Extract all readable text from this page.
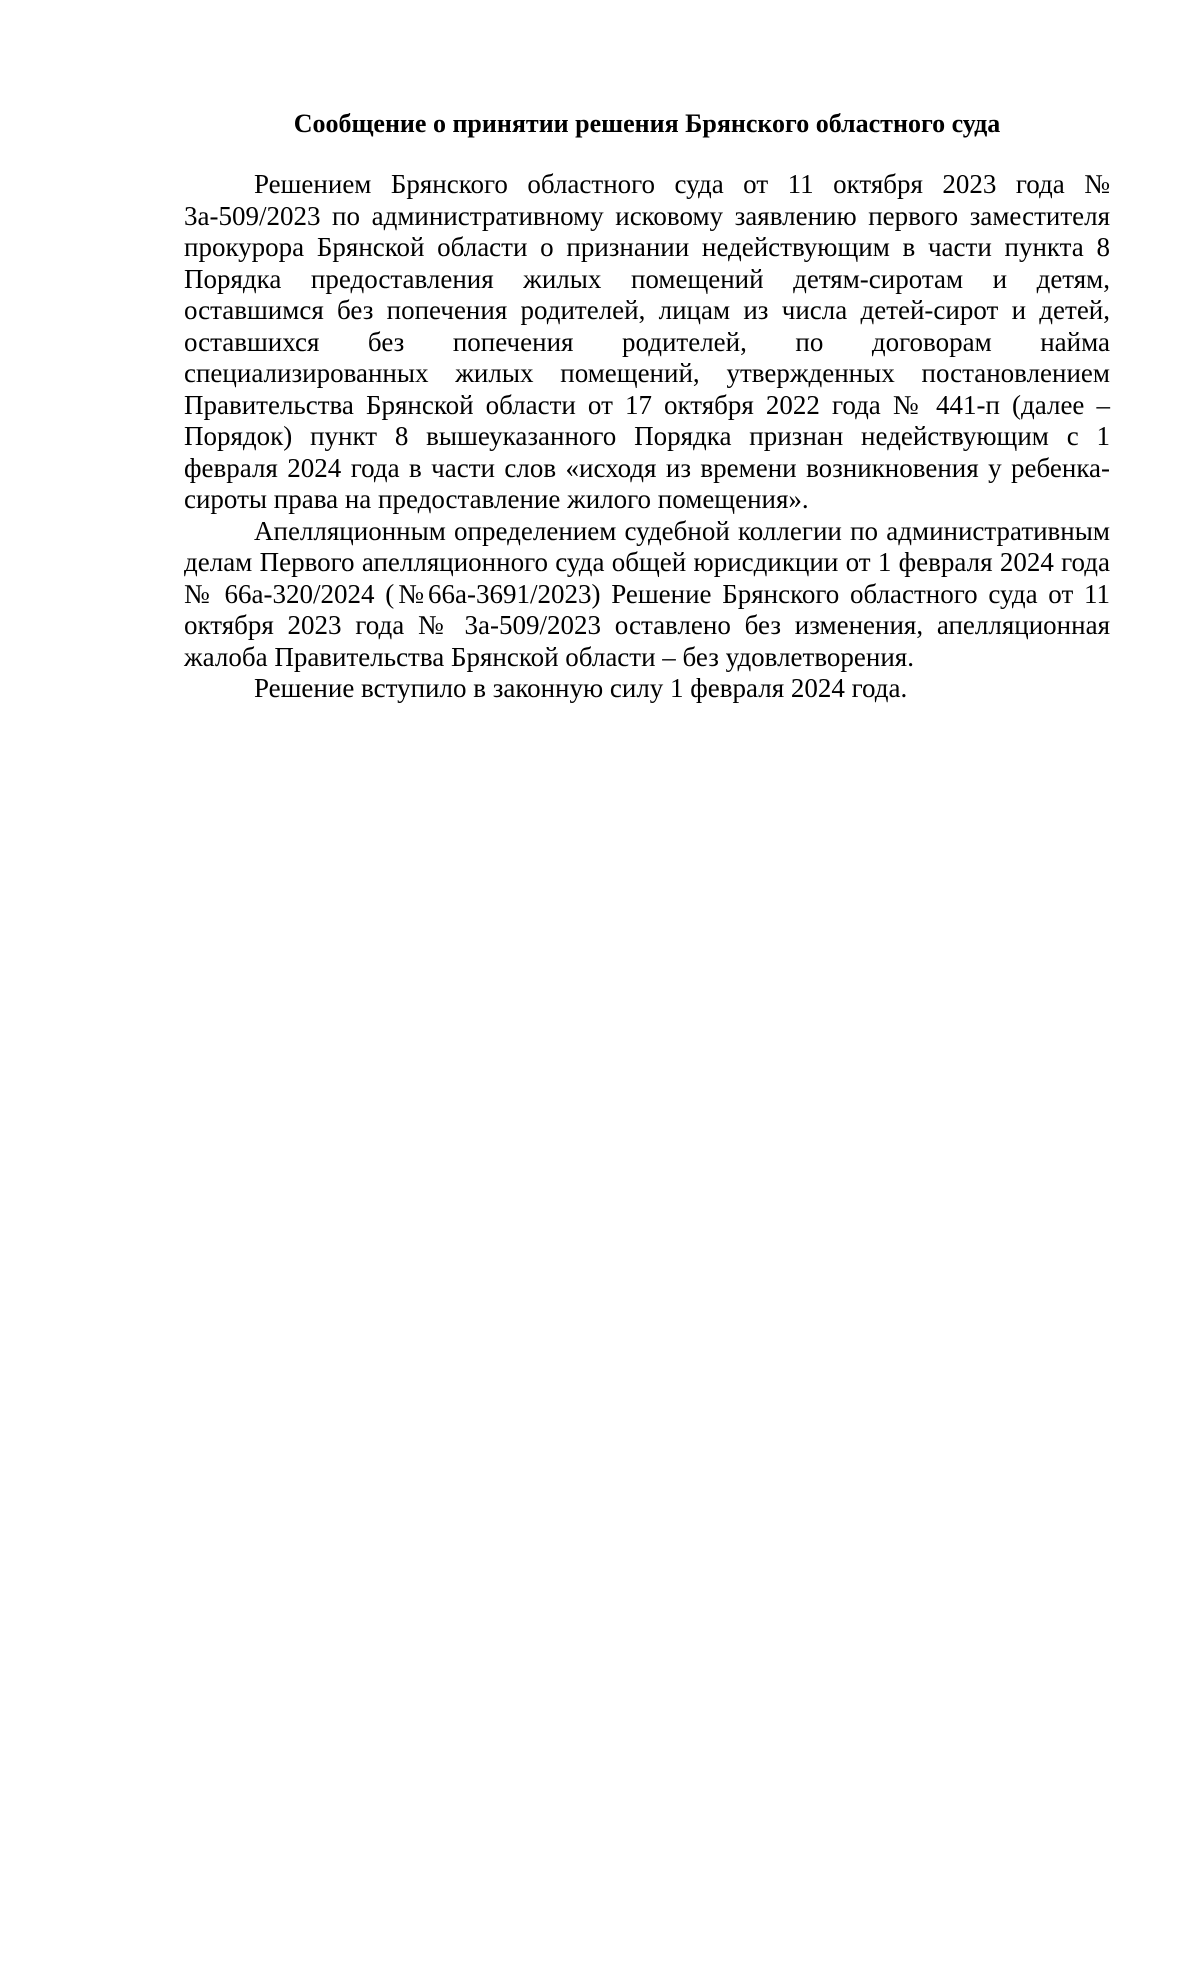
Сообщение о принятии решения Брянского областного суда

Решением Брянского областного суда от 11 октября 2023 года № 3а-509/2023 по административному исковому заявлению первого заместителя прокурора Брянской области о признании недействующим в части пункта 8 Порядка предоставления жилых помещений детям-сиротам и детям, оставшимся без попечения родителей, лицам из числа детей-сирот и детей, оставшихся без попечения родителей, по договорам найма специализированных жилых помещений, утвержденных постановлением Правительства Брянской области от 17 октября 2022 года № 441-п (далее – Порядок) пункт 8 вышеуказанного Порядка признан недействующим с 1 февраля 2024 года в части слов «исходя из времени возникновения у ребенка-сироты права на предоставление жилого помещения».

Апелляционным определением судебной коллегии по административным делам Первого апелляционного суда общей юрисдикции от 1 февраля 2024 года № 66а-320/2024 (№66а-3691/2023) Решение Брянского областного суда от 11 октября 2023 года № 3а-509/2023 оставлено без изменения, апелляционная жалоба Правительства Брянской области – без удовлетворения.

Решение вступило в законную силу 1 февраля 2024 года.
